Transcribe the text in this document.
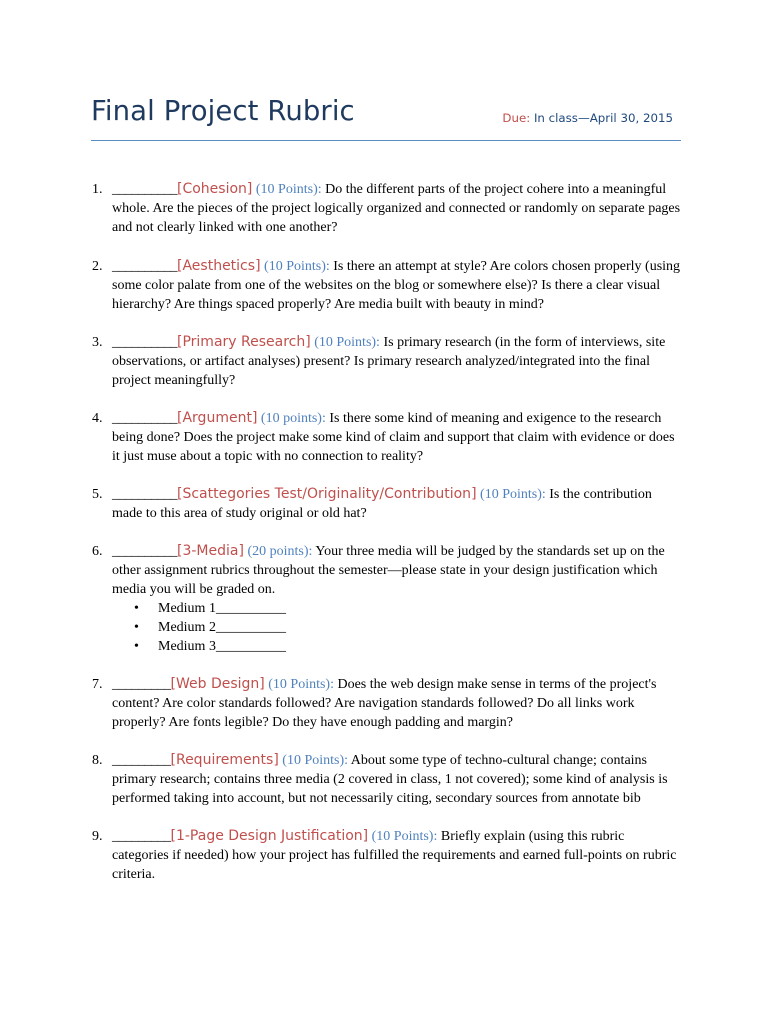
Final Project Rubric	Due: In class—April 30, 2015
1. __________[Cohesion] (10 Points): Do the different parts of the project cohere into a meaningful whole. Are the pieces of the project logically organized and connected or randomly on separate pages and not clearly linked with one another?

2. __________[Aesthetics] (10 Points): Is there an attempt at style? Are colors chosen properly (using some color palate from one of the websites on the blog or somewhere else)? Is there a clear visual hierarchy? Are things spaced properly? Are media built with beauty in mind?

3. __________[Primary Research] (10 Points): Is primary research (in the form of interviews, site observations, or artifact analyses) present? Is primary research analyzed/integrated into the final project meaningfully?

4. __________[Argument] (10 points): Is there some kind of meaning and exigence to the research being done? Does the project make some kind of claim and support that claim with evidence or does it just muse about a topic with no connection to reality?

5. __________[Scattegories Test/Originality/Contribution] (10 Points): Is the contribution made to this area of study original or old hat?

6. __________[3-Media] (20 points): Your three media will be judged by the standards set up on the other assignment rubrics throughout the semester—please state in your design justification which media you will be graded on.

• Medium 1__________
• Medium 2__________
• Medium 3__________
7. _________[Web Design] (10 Points): Does the web design make sense in terms of the project's content? Are color standards followed? Are navigation standards followed? Do all links work properly? Are fonts legible? Do they have enough padding and margin?

8. _________[Requirements] (10 Points): About some type of techno-cultural change; contains primary research; contains three media (2 covered in class, 1 not covered); some kind of analysis is performed taking into account, but not necessarily citing, secondary sources from annotate bib

9. _________[1-Page Design Justification] (10 Points): Briefly explain (using this rubric categories if needed) how your project has fulfilled the requirements and earned full-points on rubric criteria.
